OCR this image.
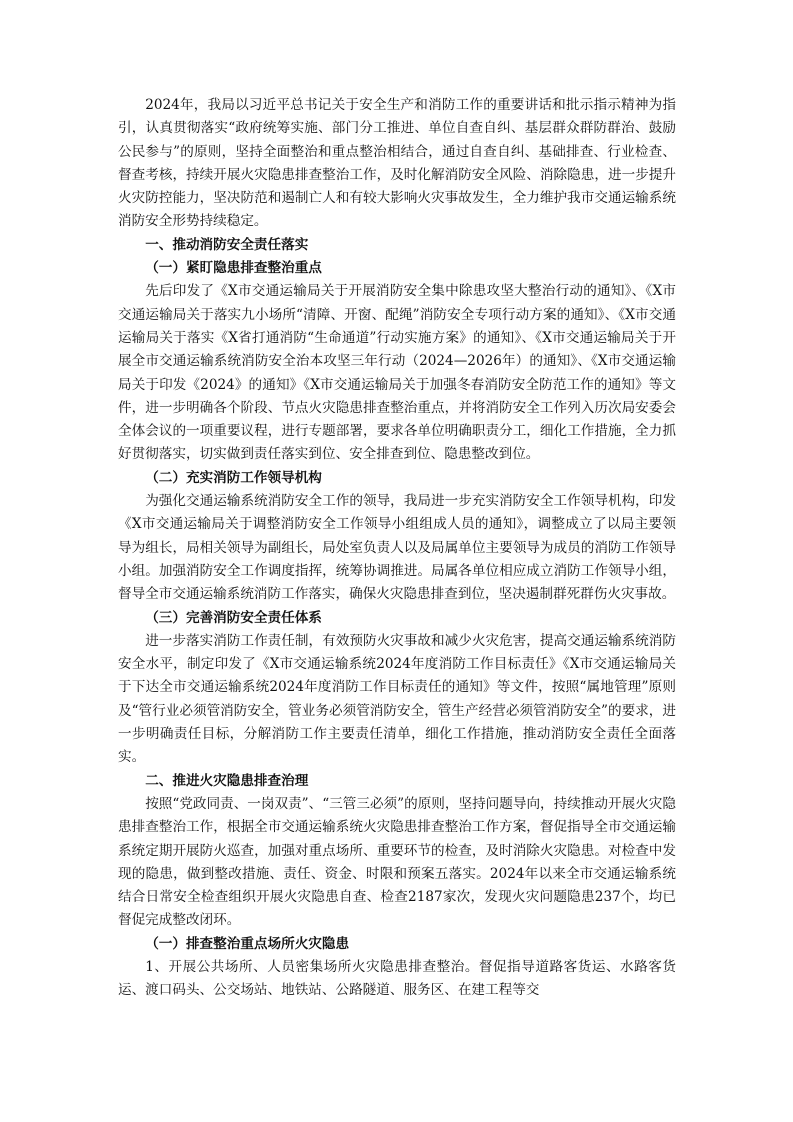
2024年，我局以习近平总书记关于安全生产和消防工作的重要讲话和批示指示精神为指引，认真贯彻落实“政府统筹实施、部门分工推进、单位自查自纠、基层群众群防群治、鼓励公民参与”的原则，坚持全面整治和重点整治相结合，通过自查自纠、基础排查、行业检查、督查考核，持续开展火灾隐患排查整治工作，及时化解消防安全风险、消除隐患，进一步提升火灾防控能力，坚决防范和遏制亡人和有较大影响火灾事故发生，全力维护我市交通运输系统消防安全形势持续稳定。

一、推动消防安全责任落实

（一）紧盯隐患排查整治重点

先后印发了《X市交通运输局关于开展消防安全集中除患攻坚大整治行动的通知》、《X市交通运输局关于落实九小场所“清障、开窗、配绳”消防安全专项行动方案的通知》、《X市交通运输局关于落实《X省打通消防“生命通道”行动实施方案》的通知》、《X市交通运输局关于开展全市交通运输系统消防安全治本攻坚三年行动（2024—2026年）的通知》、《X市交通运输局关于印发《2024》的通知》《X市交通运输局关于加强冬春消防安全防范工作的通知》等文件，进一步明确各个阶段、节点火灾隐患排查整治重点，并将消防安全工作列入历次局安委会全体会议的一项重要议程，进行专题部署，要求各单位明确职责分工，细化工作措施，全力抓好贯彻落实，切实做到责任落实到位、安全排查到位、隐患整改到位。

（二）充实消防工作领导机构

为强化交通运输系统消防安全工作的领导，我局进一步充实消防安全工作领导机构，印发《X市交通运输局关于调整消防安全工作领导小组组成人员的通知》，调整成立了以局主要领导为组长，局相关领导为副组长，局处室负责人以及局属单位主要领导为成员的消防工作领导小组。加强消防安全工作调度指挥，统筹协调推进。局属各单位相应成立消防工作领导小组，督导全市交通运输系统消防工作落实，确保火灾隐患排查到位，坚决遏制群死群伤火灾事故。

（三）完善消防安全责任体系

进一步落实消防工作责任制，有效预防火灾事故和减少火灾危害，提高交通运输系统消防安全水平，制定印发了《X市交通运输系统2024年度消防工作目标责任》《X市交通运输局关于下达全市交通运输系统2024年度消防工作目标责任的通知》等文件，按照“属地管理”原则及“管行业必须管消防安全，管业务必须管消防安全，管生产经营必须管消防安全”的要求，进一步明确责任目标，分解消防工作主要责任清单，细化工作措施，推动消防安全责任全面落实。

二、推进火灾隐患排查治理

按照“党政同责、一岗双责”、“三管三必须”的原则，坚持问题导向，持续推动开展火灾隐患排查整治工作，根据全市交通运输系统火灾隐患排查整治工作方案，督促指导全市交通运输系统定期开展防火巡查，加强对重点场所、重要环节的检查，及时消除火灾隐患。对检查中发现的隐患，做到整改措施、责任、资金、时限和预案五落实。2024年以来全市交通运输系统结合日常安全检查组织开展火灾隐患自查、检查2187家次，发现火灾问题隐患237个，均已督促完成整改闭环。

（一）排查整治重点场所火灾隐患

1、开展公共场所、人员密集场所火灾隐患排查整治。督促指导道路客货运、水路客货运、渡口码头、公交场站、地铁站、公路隧道、服务区、在建工程等交
